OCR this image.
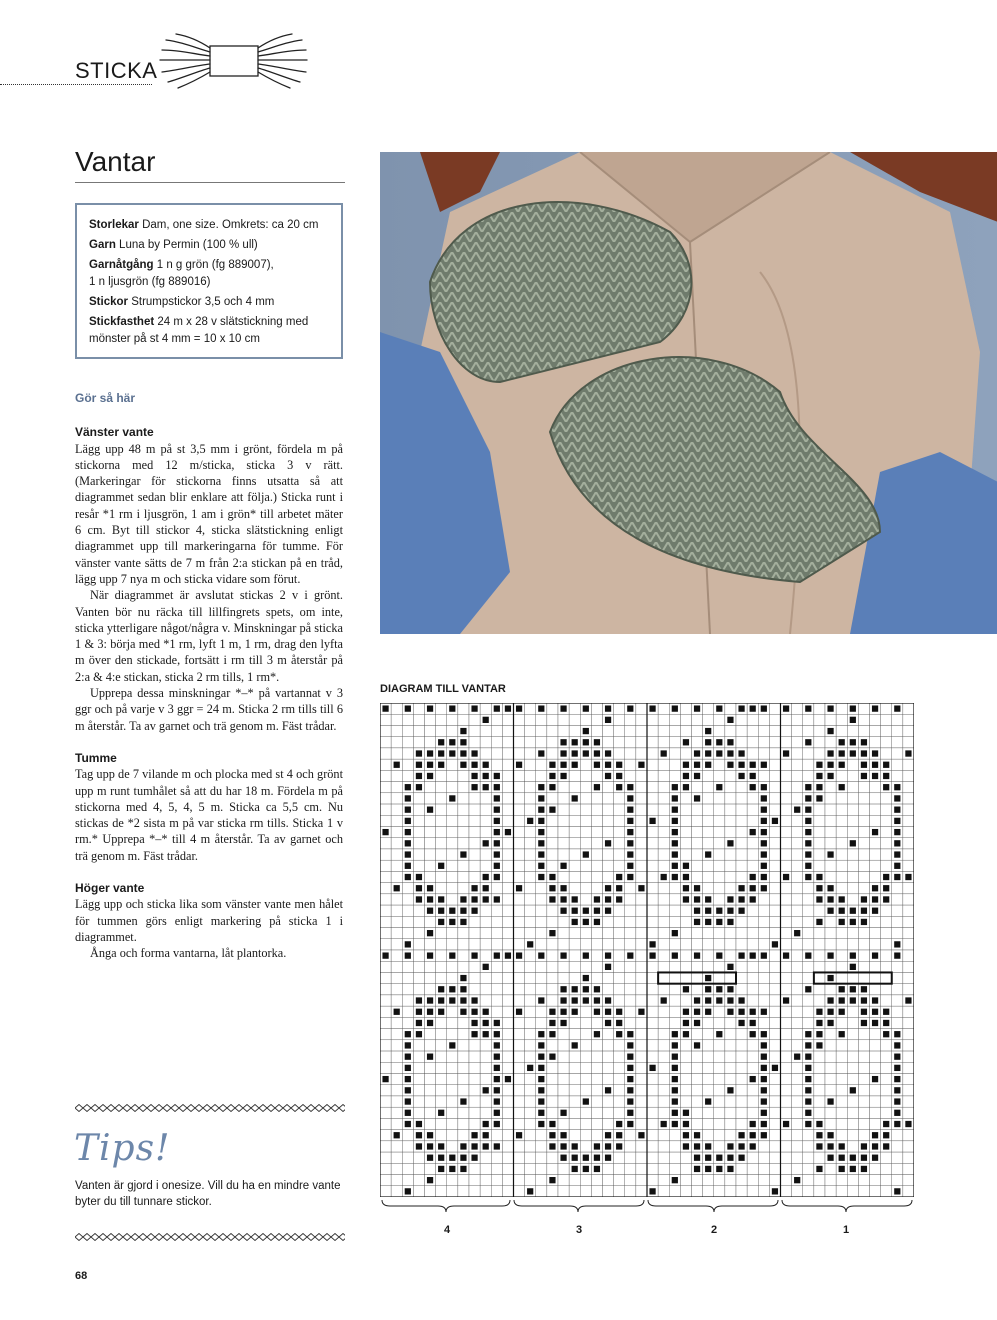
STICKA
Vantar

Storlekar Dam, one size. Omkrets: ca 20 cm

Garn Luna by Permin (100 % ull)

Garnåtgång 1 n g grön (fg 889007),
1 n ljusgrön (fg 889016)

Stickor Strumpstickor 3,5 och 4 mm

Stickfasthet 24 m x 28 v slätstickning med mönster på st 4 mm = 10 x 10 cm

Gör så här
Vänster vante

Lägg upp 48 m på st 3,5 mm i grönt, fördela m på stickorna med 12 m/sticka, sticka 3 v rätt. (Markeringar för stickorna finns utsatta så att diagrammet sedan blir enklare att följa.) Sticka runt i resår *1 rm i ljusgrön, 1 am i grön* till arbetet mäter 6 cm. Byt till stickor 4, sticka slätstickning enligt diagrammet upp till markeringarna för tumme. För vänster vante sätts de 7 m från 2:a stickan på en tråd, lägg upp 7 nya m och sticka vidare som förut.

När diagrammet är avslutat stickas 2 v i grönt. Vanten bör nu räcka till lillfingrets spets, om inte, sticka ytterligare något/några v. Minskningar på sticka 1 & 3: börja med *1 rm, lyft 1 m, 1 rm, drag den lyfta m över den stickade, fortsätt i rm till 3 m återstår på 2:a & 4:e stickan, sticka 2 rm tills, 1 rm*.

Upprepa dessa minskningar *–* på vartannat v 3 ggr och på varje v 3 ggr = 24 m. Sticka 2 rm tills till 6 m återstår. Ta av garnet och trä genom m. Fäst trådar.

Tumme

Tag upp de 7 vilande m och plocka med st 4 och grönt upp m runt tumhålet så att du har 18 m. Fördela m på stickorna med 4, 5, 4, 5 m. Sticka ca 5,5 cm. Nu stickas de *2 sista m på var sticka rm tills. Sticka 1 v rm.* Upprepa *–* till 4 m återstår. Ta av garnet och trä genom m. Fäst trådar.

Höger vante

Lägg upp och sticka lika som vänster vante men hålet för tummen görs enligt markering på sticka 1 i diagrammet.

Ånga och forma vantarna, låt plantorka.

Tips!
Vanten är gjord i onesize. Vill du ha en mindre vante byter du till tunnare stickor.
68
DIAGRAM TILL VANTAR
4	3	2	1
